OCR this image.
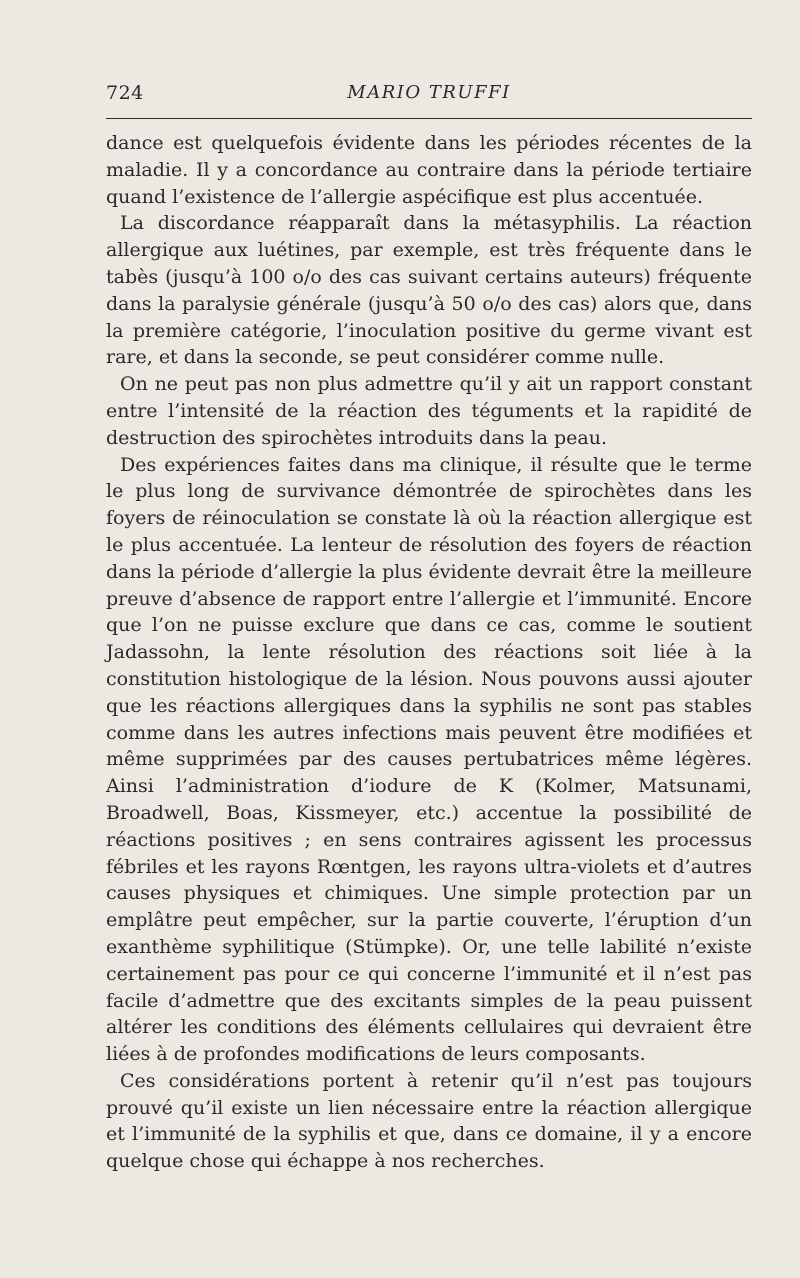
724	MARIO TRUFFI

dance est quelquefois évidente dans les périodes récentes de la maladie. Il y a concordance au contraire dans la période tertiaire quand l’existence de l’allergie aspécifique est plus accentuée.

La discordance réapparaît dans la métasyphilis. La réaction allergique aux luétines, par exemple, est très fréquente dans le tabès (jusqu’à 100 o/o des cas suivant certains auteurs) fréquente dans la paralysie générale (jusqu’à 50 o/o des cas) alors que, dans la première catégorie, l’inoculation positive du germe vivant est rare, et dans la seconde, se peut considérer comme nulle.

On ne peut pas non plus admettre qu’il y ait un rapport constant entre l’intensité de la réaction des téguments et la rapidité de destruction des spirochètes introduits dans la peau.

Des expériences faites dans ma clinique, il résulte que le terme le plus long de survivance démontrée de spirochètes dans les foyers de réinoculation se constate là où la réaction allergique est le plus accentuée. La lenteur de résolution des foyers de réaction dans la période d’allergie la plus évidente devrait être la meilleure preuve d’absence de rapport entre l’allergie et l’immunité. Encore que l’on ne puisse exclure que dans ce cas, comme le soutient Jadassohn, la lente résolution des réactions soit liée à la constitution histologique de la lésion. Nous pouvons aussi ajouter que les réactions allergiques dans la syphilis ne sont pas stables comme dans les autres infections mais peuvent être modifiées et même supprimées par des causes pertubatrices même légères. Ainsi l’administration d’iodure de K (Kolmer, Matsunami, Broadwell, Boas, Kissmeyer, etc.) accentue la possibilité de réactions positives ; en sens contraires agissent les processus fébriles et les rayons Rœntgen, les rayons ultra-violets et d’autres causes physiques et chimiques. Une simple protection par un emplâtre peut empêcher, sur la partie couverte, l’éruption d’un exanthème syphilitique (Stümpke). Or, une telle labilité n’existe certainement pas pour ce qui concerne l’immunité et il n’est pas facile d’admettre que des excitants simples de la peau puissent altérer les conditions des éléments cellulaires qui devraient être liées à de profondes modifications de leurs composants.

Ces considérations portent à retenir qu’il n’est pas toujours prouvé qu’il existe un lien nécessaire entre la réaction allergique et l’immunité de la syphilis et que, dans ce domaine, il y a encore quelque chose qui échappe à nos recherches.
